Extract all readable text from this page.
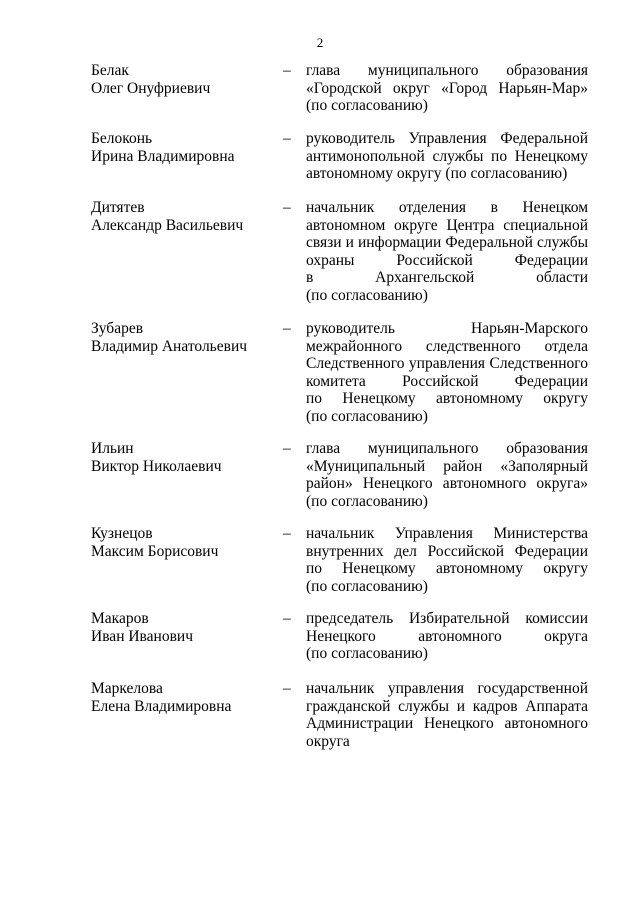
2
Белак
Олег Онуфриевич
– глава муниципального образования
«Городской округ «Город Нарьян-Мар»
(по согласованию)
Белоконь
Ирина Владимировна
– руководитель Управления Федеральной
антимонопольной службы по Ненецкому
автономному округу (по согласованию)
Дитятев
Александр Васильевич
– начальник отделения в Ненецком
автономном округе Центра специальной
связи и информации Федеральной службы
охраны Российской Федерации
в Архангельской области
(по согласованию)
Зубарев
Владимир Анатольевич
– руководитель Нарьян-Марского
межрайонного следственного отдела
Следственного управления Следственного
комитета Российской Федерации
по Ненецкому автономному округу
(по согласованию)
Ильин
Виктор Николаевич
– глава муниципального образования
«Муниципальный район «Заполярный
район» Ненецкого автономного округа»
(по согласованию)
Кузнецов
Максим Борисович
– начальник Управления Министерства
внутренних дел Российской Федерации
по Ненецкому автономному округу
(по согласованию)
Макаров
Иван Иванович
– председатель Избирательной комиссии
Ненецкого автономного округа
(по согласованию)
Маркелова
Елена Владимировна
– начальник управления государственной
гражданской службы и кадров Аппарата
Администрации Ненецкого автономного
округа
